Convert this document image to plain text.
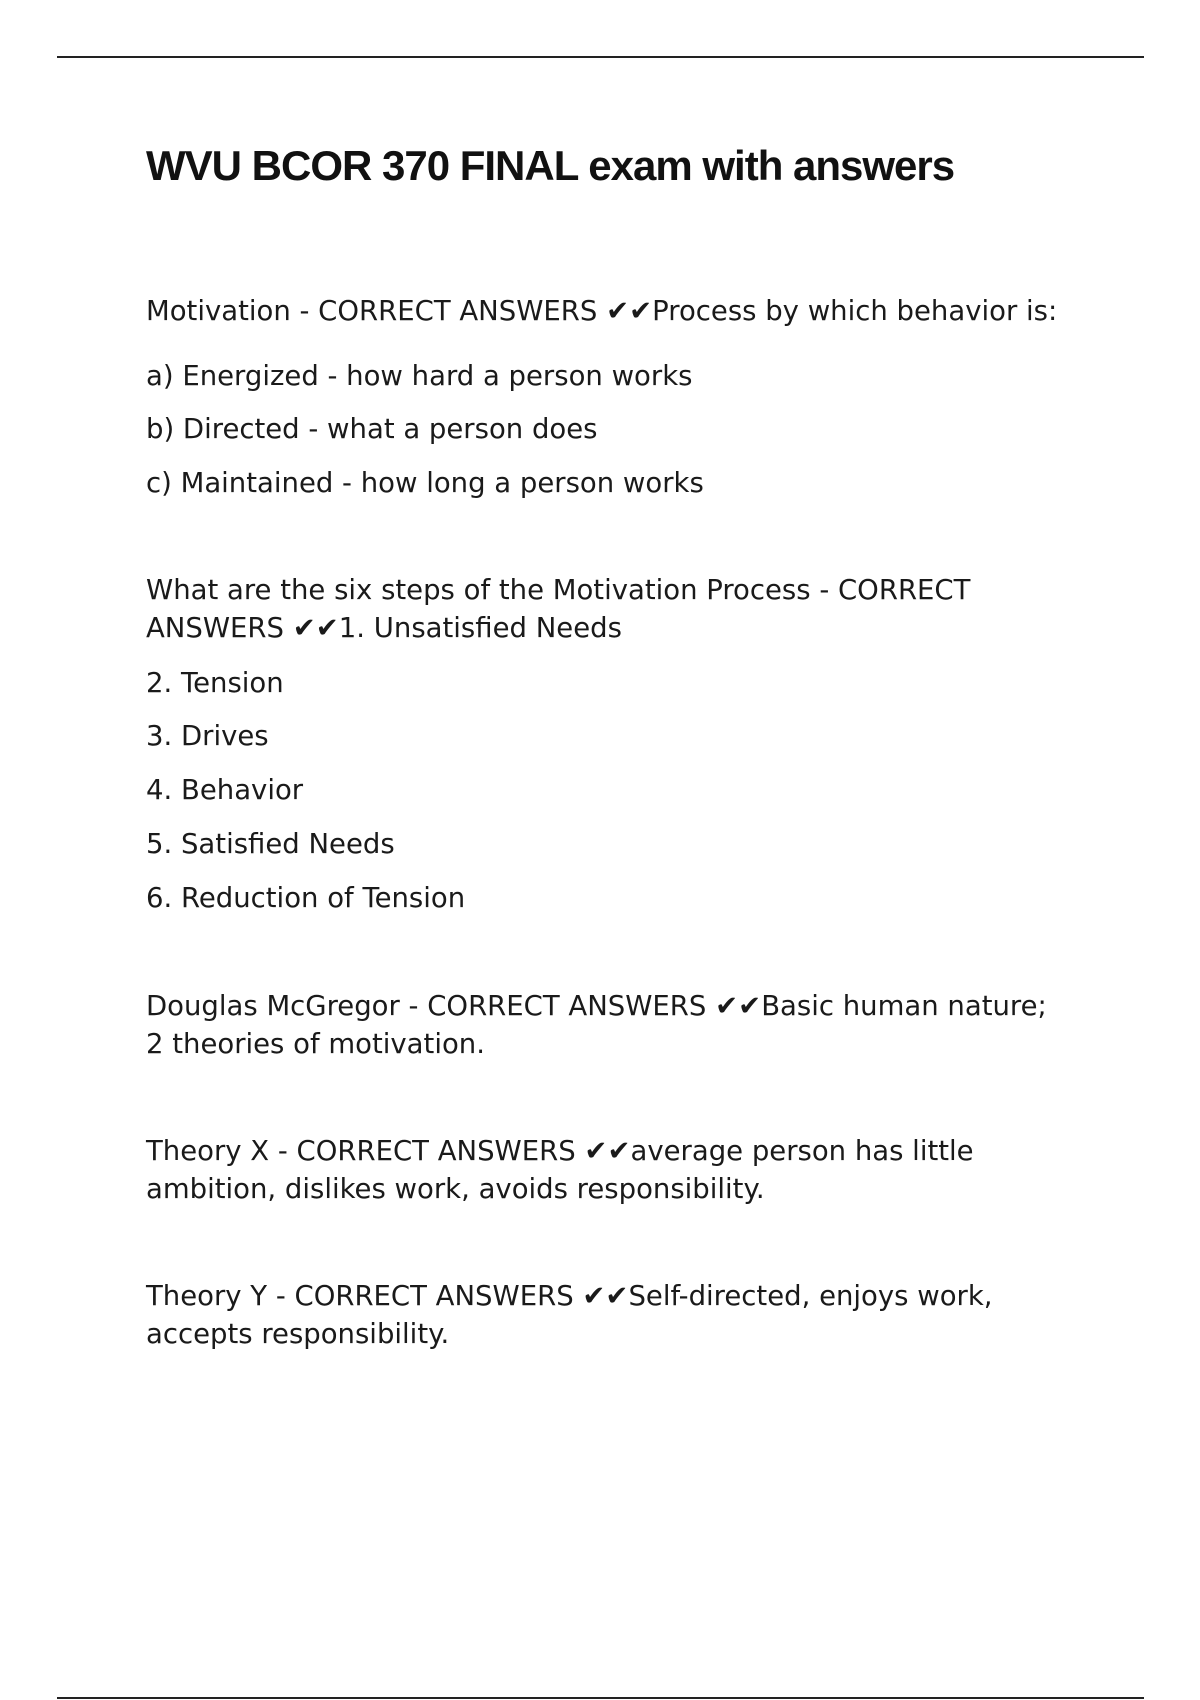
WVU BCOR 370 FINAL exam with answers

Motivation - CORRECT ANSWERS ✔✔Process by which behavior is:

a) Energized - how hard a person works

b) Directed - what a person does

c) Maintained - how long a person works

What are the six steps of the Motivation Process - CORRECT

ANSWERS ✔✔1. Unsatisfied Needs

2. Tension

3. Drives

4. Behavior

5. Satisfied Needs

6. Reduction of Tension

Douglas McGregor - CORRECT ANSWERS ✔✔Basic human nature;

2 theories of motivation.

Theory X - CORRECT ANSWERS ✔✔average person has little

ambition, dislikes work, avoids responsibility.

Theory Y - CORRECT ANSWERS ✔✔Self-directed, enjoys work,

accepts responsibility.
